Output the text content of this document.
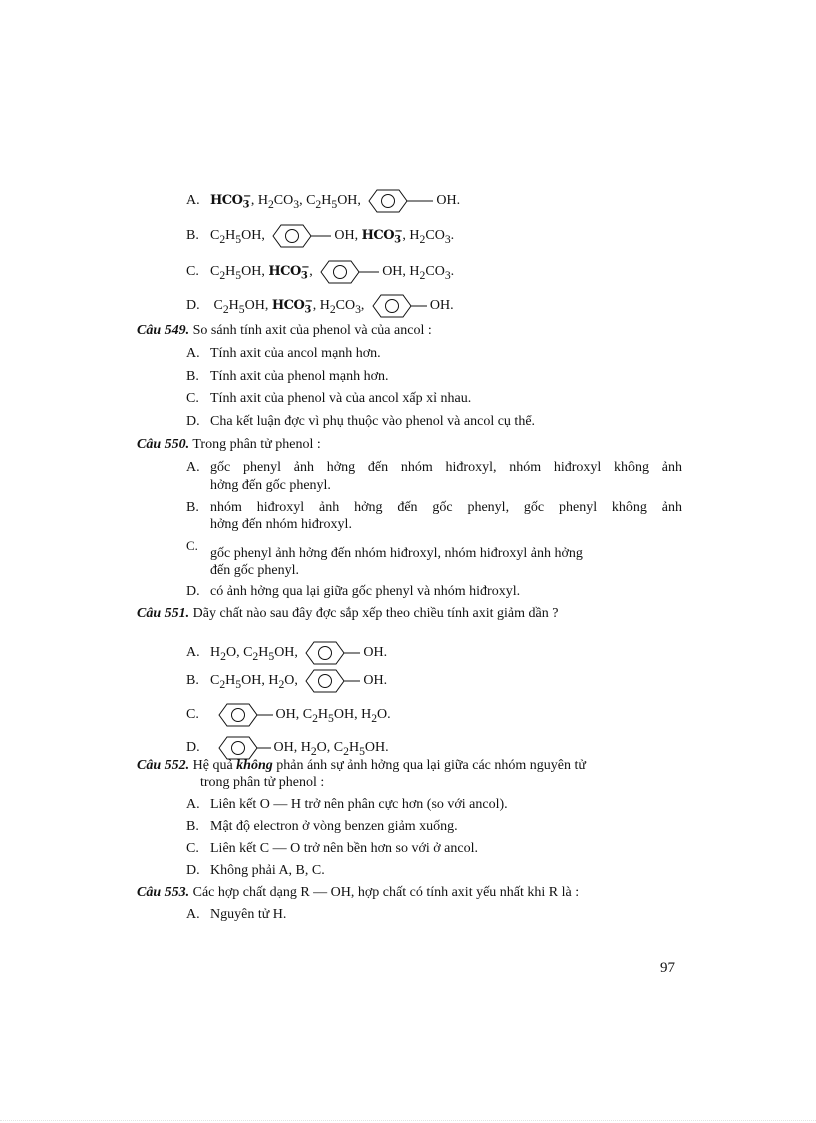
A. $HCO_3^-$, $H_2CO_3$, $C_2H_5OH$,	OH.
B. $C_2H_5OH$,	OH, $HCO_3^-$, $H_2CO_3$.
C. $C_2H_5OH$, $HCO_3^-$,	OH, $H_2CO_3$.
D. $C_2H_5OH$, $HCO_3^-$, $H_2CO_3$,	OH.
Câu 549. So sánh tính axit của phenol và của ancol :
A. Tính axit của ancol mạnh hơn.
B. Tính axit của phenol mạnh hơn.
C. Tính axit của phenol và của ancol xấp xỉ nhau.
D. Cha kết luận đợc vì phụ thuộc vào phenol và ancol cụ thể.
Câu 550. Trong phân tử phenol :
A. gốc phenyl ảnh hởng đến nhóm hiđroxyl, nhóm hiđroxyl không ảnh
hởng đến gốc phenyl.
B. nhóm hiđroxyl ảnh hởng đến gốc phenyl, gốc phenyl không ảnh
hởng đến nhóm hiđroxyl.
C.
gốc phenyl ảnh hởng đến nhóm hiđroxyl, nhóm hiđroxyl ảnh hởng
đến gốc phenyl.
D. có ảnh hởng qua lại giữa gốc phenyl và nhóm hiđroxyl.
Câu 551. Dãy chất nào sau đây đợc sắp xếp theo chiều tính axit giảm dần ?
A. $H_2O$, $C_2H_5OH$,	OH.
B. $C_2H_5OH$, $H_2O$,	OH.
C.	OH, $C_2H_5OH$, $H_2O$.
D.	OH, $H_2O$, $C_2H_5OH$.
Câu 552. Hệ quả không phản ánh sự ảnh hởng qua lại giữa các nhóm nguyên tử
trong phân tử phenol :
A. Liên kết O — H trở nên phân cực hơn (so với ancol).
B. Mật độ electron ở vòng benzen giảm xuống.
C. Liên kết C — O trở nên bền hơn so với ở ancol.
D. Không phải A, B, C.
Câu 553. Các hợp chất dạng R — OH, hợp chất có tính axit yếu nhất khi R là :
A. Nguyên tử H.
97
